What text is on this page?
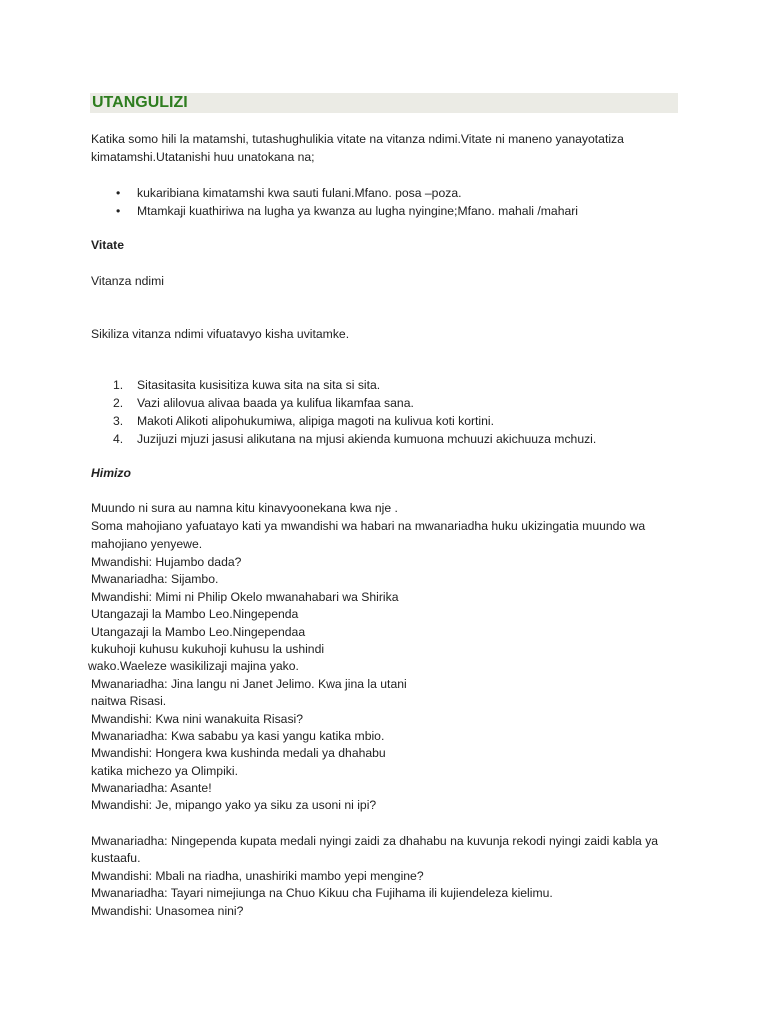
UTANGULIZI
Katika somo hili la matamshi, tutashughulikia vitate na vitanza ndimi.Vitate ni maneno yanayotatiza
kimatamshi.Utatanishi huu unatokana na;
• kukaribiana kimatamshi kwa sauti fulani.Mfano. posa –poza.
• Mtamkaji kuathiriwa na lugha ya kwanza au lugha nyingine;Mfano. mahali /mahari
Vitate
Vitanza ndimi
Sikiliza vitanza ndimi vifuatavyo kisha uvitamke.
1. Sitasitasita kusisitiza kuwa sita na sita si sita.
2. Vazi alilovua alivaa baada ya kulifua likamfaa sana.
3. Makoti Alikoti alipohukumiwa, alipiga magoti na kulivua koti kortini.
4. Juzijuzi mjuzi jasusi alikutana na mjusi akienda kumuona mchuuzi akichuuza mchuzi.
Himizo
Muundo ni sura au namna kitu kinavyoonekana kwa nje .
Soma mahojiano yafuatayo kati ya mwandishi wa habari na mwanariadha huku ukizingatia muundo wa
mahojiano yenyewe.
Mwandishi: Hujambo dada?
Mwanariadha: Sijambo.
Mwandishi: Mimi ni Philip Okelo mwanahabari wa Shirika
Utangazaji la Mambo Leo.Ningependa
Utangazaji la Mambo Leo.Ningependaa
kukuhoji kuhusu kukuhoji kuhusu la ushindi
wako.Waeleze wasikilizaji majina yako.
Mwanariadha: Jina langu ni Janet Jelimo. Kwa jina la utani
naitwa Risasi.
Mwandishi: Kwa nini wanakuita Risasi?
Mwanariadha: Kwa sababu ya kasi yangu katika mbio.
Mwandishi: Hongera kwa kushinda medali ya dhahabu
katika michezo ya Olimpiki.
Mwanariadha: Asante!
Mwandishi: Je, mipango yako ya siku za usoni ni ipi?
Mwanariadha: Ningependa kupata medali nyingi zaidi za dhahabu na kuvunja rekodi nyingi zaidi kabla ya
kustaafu.
Mwandishi: Mbali na riadha, unashiriki mambo yepi mengine?
Mwanariadha: Tayari nimejiunga na Chuo Kikuu cha Fujihama ili kujiendeleza kielimu.
Mwandishi: Unasomea nini?
